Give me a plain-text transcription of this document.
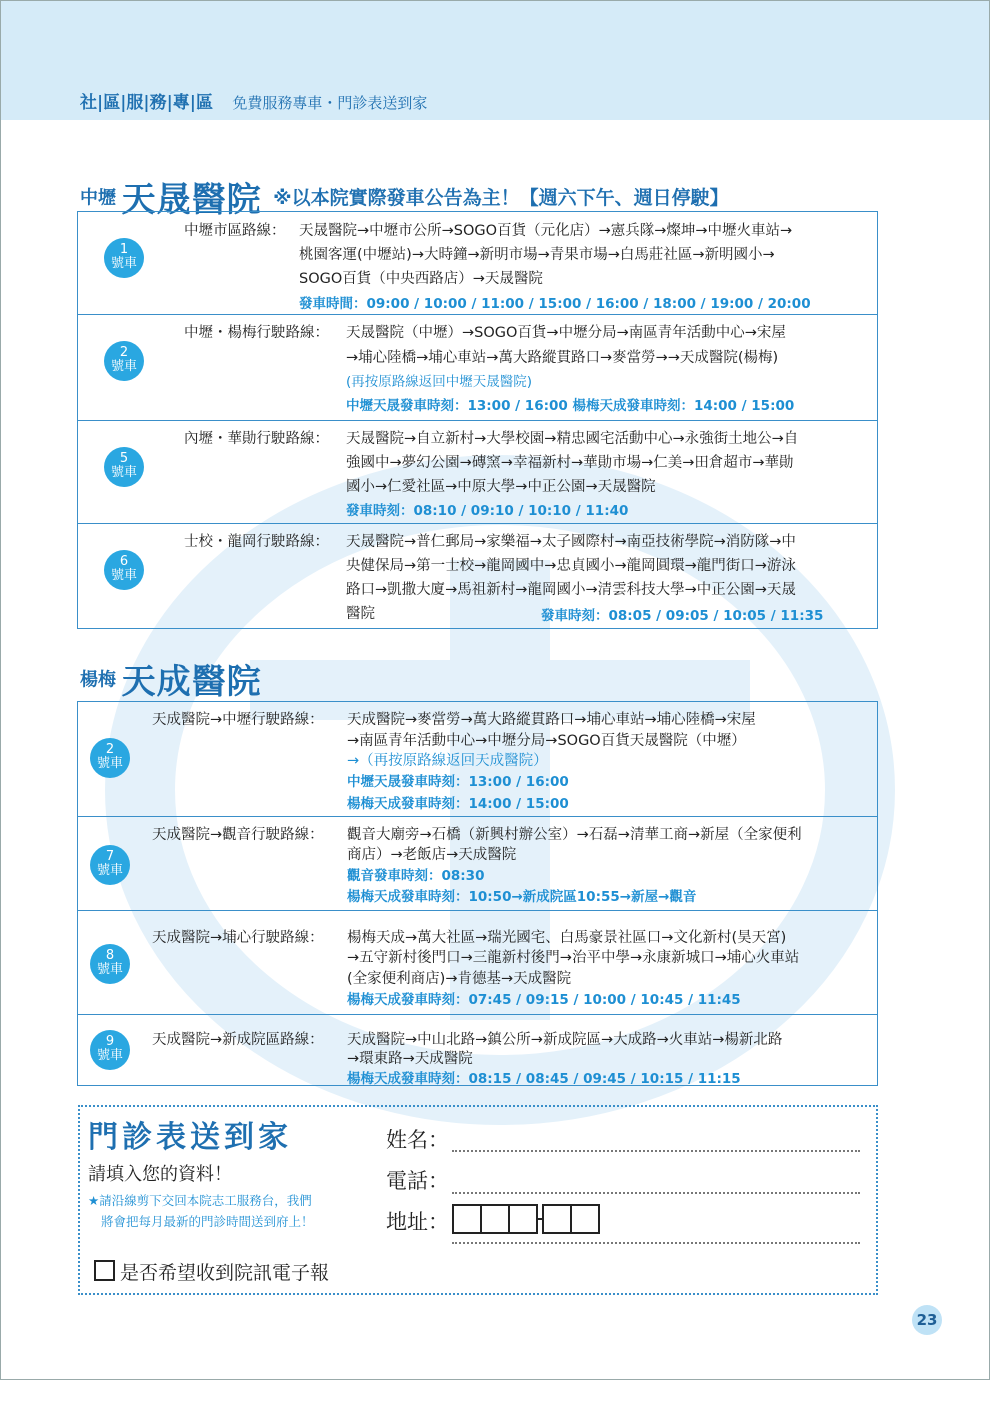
社|區|服|務|專|區 免費服務專車・門診表送到家
中壢 天晟醫院 ※以本院實際發車公告為主！【週六下午、週日停駛】
1
號車
中壢市區路線： 天晟醫院→中壢市公所→SOGO百貨（元化店）→憲兵隊→燦坤→中壢火車站→
桃園客運(中壢站)→大時鐘→新明市場→青果市場→白馬莊社區→新明國小→
SOGO百貨（中央西路店）→天晟醫院
發車時間：09:00 / 10:00 / 11:00 / 15:00 / 16:00 / 18:00 / 19:00 / 20:00
2
號車
中壢・楊梅行駛路線： 天晟醫院（中壢）→SOGO百貨→中壢分局→南區青年活動中心→宋屋
→埔心陸橋→埔心車站→萬大路縱貫路口→麥當勞→→天成醫院(楊梅)
(再按原路線返回中壢天晟醫院)
中壢天晟發車時刻：13:00 / 16:00 楊梅天成發車時刻：14:00 / 15:00
5
號車
內壢・華勛行駛路線： 天晟醫院→自立新村→大學校園→精忠國宅活動中心→永強街土地公→自
強國中→夢幻公園→磚窯→幸福新村→華勛市場→仁美→田倉超市→華勛
國小→仁愛社區→中原大學→中正公園→天晟醫院
發車時刻：08:10 / 09:10 / 10:10 / 11:40
6
號車
士校・龍岡行駛路線： 天晟醫院→普仁郵局→家樂福→太子國際村→南亞技術學院→消防隊→中
央健保局→第一士校→龍岡國中→忠貞國小→龍岡圓環→龍門街口→游泳
路口→凱撒大廈→馬祖新村→龍岡國小→清雲科技大學→中正公園→天晟
醫院	發車時刻：08:05 / 09:05 / 10:05 / 11:35
楊梅 天成醫院
2
號車
天成醫院→中壢行駛路線： 天成醫院→麥當勞→萬大路縱貫路口→埔心車站→埔心陸橋→宋屋
→南區青年活動中心→中壢分局→SOGO百貨天晟醫院（中壢）
→（再按原路線返回天成醫院）
中壢天晟發車時刻：13:00 / 16:00
楊梅天成發車時刻：14:00 / 15:00
7
號車
天成醫院→觀音行駛路線： 觀音大廟旁→石橋（新興村辦公室）→石磊→清華工商→新屋（全家便利
商店）→老飯店→天成醫院
觀音發車時刻：08:30
楊梅天成發車時刻：10:50→新成院區10:55→新屋→觀音
8
號車
天成醫院→埔心行駛路線： 楊梅天成→萬大社區→瑞光國宅、白馬豪景社區口→文化新村(昊天宮)
→五守新村後門口→三龍新村後門→治平中學→永康新城口→埔心火車站
(全家便利商店)→肯德基→天成醫院
楊梅天成發車時刻：07:45 / 09:15 / 10:00 / 10:45 / 11:45
9
號車
天成醫院→新成院區路線： 天成醫院→中山北路→鎮公所→新成院區→大成路→火車站→楊新北路
→環東路→天成醫院
楊梅天成發車時刻：08:15 / 08:45 / 09:45 / 10:15 / 11:15
門診表送到家
請填入您的資料！
★請沿線剪下交回本院志工服務台，我們
將會把每月最新的門診時間送到府上！
姓名：
電話：
地址：
是否希望收到院訊電子報
23
